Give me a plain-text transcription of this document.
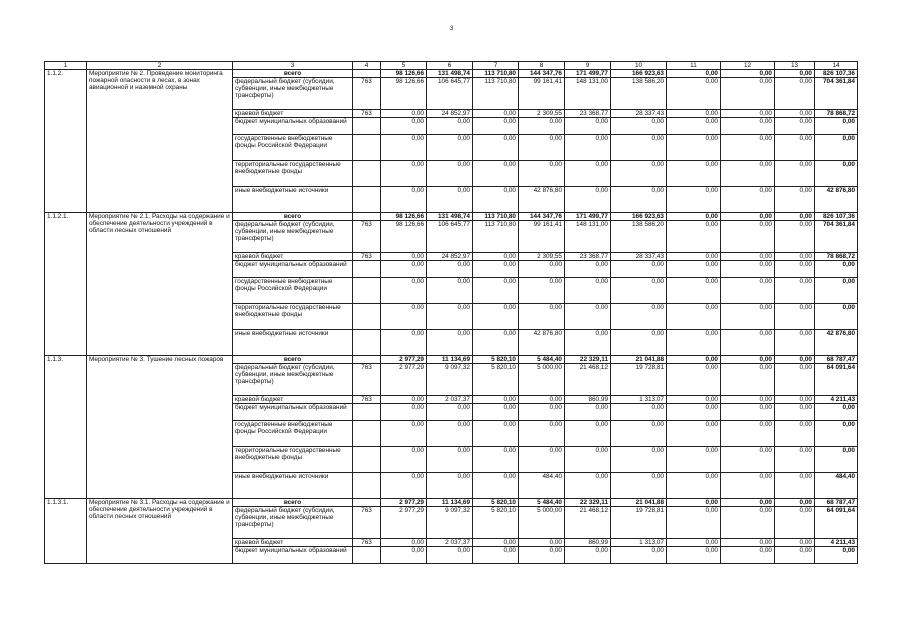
3
1	2	3	4	5	6	7	8	9	10	11	12	13	14
1.1.2.	Мероприятие № 2. Проведение мониторинга пожарной опасности в лесах, в зонах авиационной и наземной охраны	всего		98 126,66	131 498,74	113 710,80	144 347,76	171 499,77	166 923,63	0,00	0,00	0,00	826 107,36
		федеральный бюджет (субсидии, субвенции, иные межбюджетные трансферты)	763	98 126,66	106 645,77	113 710,80	99 161,41	148 131,00	138 586,20	0,00	0,00	0,00	704 361,84
		краевой бюджет	763	0,00	24 852,97	0,00	2 309,55	23 368,77	28 337,43	0,00	0,00	0,00	78 868,72
		бюджет муниципальных образований		0,00	0,00	0,00	0,00	0,00	0,00	0,00	0,00	0,00	0,00
		государственные внебюджетные фонды Российской Федерации		0,00	0,00	0,00	0,00	0,00	0,00	0,00	0,00	0,00	0,00
		территориальные государственные внебюджетные фонды		0,00	0,00	0,00	0,00	0,00	0,00	0,00	0,00	0,00	0,00
		иные внебюджетные источники		0,00	0,00	0,00	42 876,80	0,00	0,00	0,00	0,00	0,00	42 876,80
1.1.2.1.	Мероприятие № 2.1. Расходы на содержание и обеспечение деятельности учреждений в области лесных отношений	всего		98 126,66	131 498,74	113 710,80	144 347,76	171 499,77	166 923,63	0,00	0,00	0,00	826 107,36
		федеральный бюджет (субсидии, субвенции, иные межбюджетные трансферты)	763	98 126,66	106 645,77	113 710,80	99 161,41	148 131,00	138 586,20	0,00	0,00	0,00	704 361,84
		краевой бюджет	763	0,00	24 852,97	0,00	2 309,55	23 368,77	28 337,43	0,00	0,00	0,00	78 868,72
		бюджет муниципальных образований		0,00	0,00	0,00	0,00	0,00	0,00	0,00	0,00	0,00	0,00
		государственные внебюджетные фонды Российской Федерации		0,00	0,00	0,00	0,00	0,00	0,00	0,00	0,00	0,00	0,00
		территориальные государственные внебюджетные фонды		0,00	0,00	0,00	0,00	0,00	0,00	0,00	0,00	0,00	0,00
		иные внебюджетные источники		0,00	0,00	0,00	42 876,80	0,00	0,00	0,00	0,00	0,00	42 876,80
1.1.3.	Мероприятие № 3. Тушение лесных пожаров	всего		2 977,29	11 134,69	5 820,10	5 484,40	22 329,11	21 041,88	0,00	0,00	0,00	68 787,47
		федеральный бюджет (субсидии, субвенции, иные межбюджетные трансферты)	763	2 977,29	9 097,32	5 820,10	5 000,00	21 468,12	19 728,81	0,00	0,00	0,00	64 091,64
		краевой бюджет	763	0,00	2 037,37	0,00	0,00	860,99	1 313,07	0,00	0,00	0,00	4 211,43
		бюджет муниципальных образований		0,00	0,00	0,00	0,00	0,00	0,00	0,00	0,00	0,00	0,00
		государственные внебюджетные фонды Российской Федерации		0,00	0,00	0,00	0,00	0,00	0,00	0,00	0,00	0,00	0,00
		территориальные государственные внебюджетные фонды		0,00	0,00	0,00	0,00	0,00	0,00	0,00	0,00	0,00	0,00
		иные внебюджетные источники		0,00	0,00	0,00	484,40	0,00	0,00	0,00	0,00	0,00	484,40
1.1.3.1.	Мероприятие № 3.1. Расходы на содержание и обеспечение деятельности учреждений в области лесных отношений	всего		2 977,29	11 134,69	5 820,10	5 484,40	22 329,11	21 041,88	0,00	0,00	0,00	68 787,47
		федеральный бюджет (субсидии, субвенции, иные межбюджетные трансферты)	763	2 977,29	9 097,32	5 820,10	5 000,00	21 468,12	19 728,81	0,00	0,00	0,00	64 091,64
		краевой бюджет	763	0,00	2 037,37	0,00	0,00	860,99	1 313,07	0,00	0,00	0,00	4 211,43
		бюджет муниципальных образований		0,00	0,00	0,00	0,00	0,00	0,00	0,00	0,00	0,00	0,00
